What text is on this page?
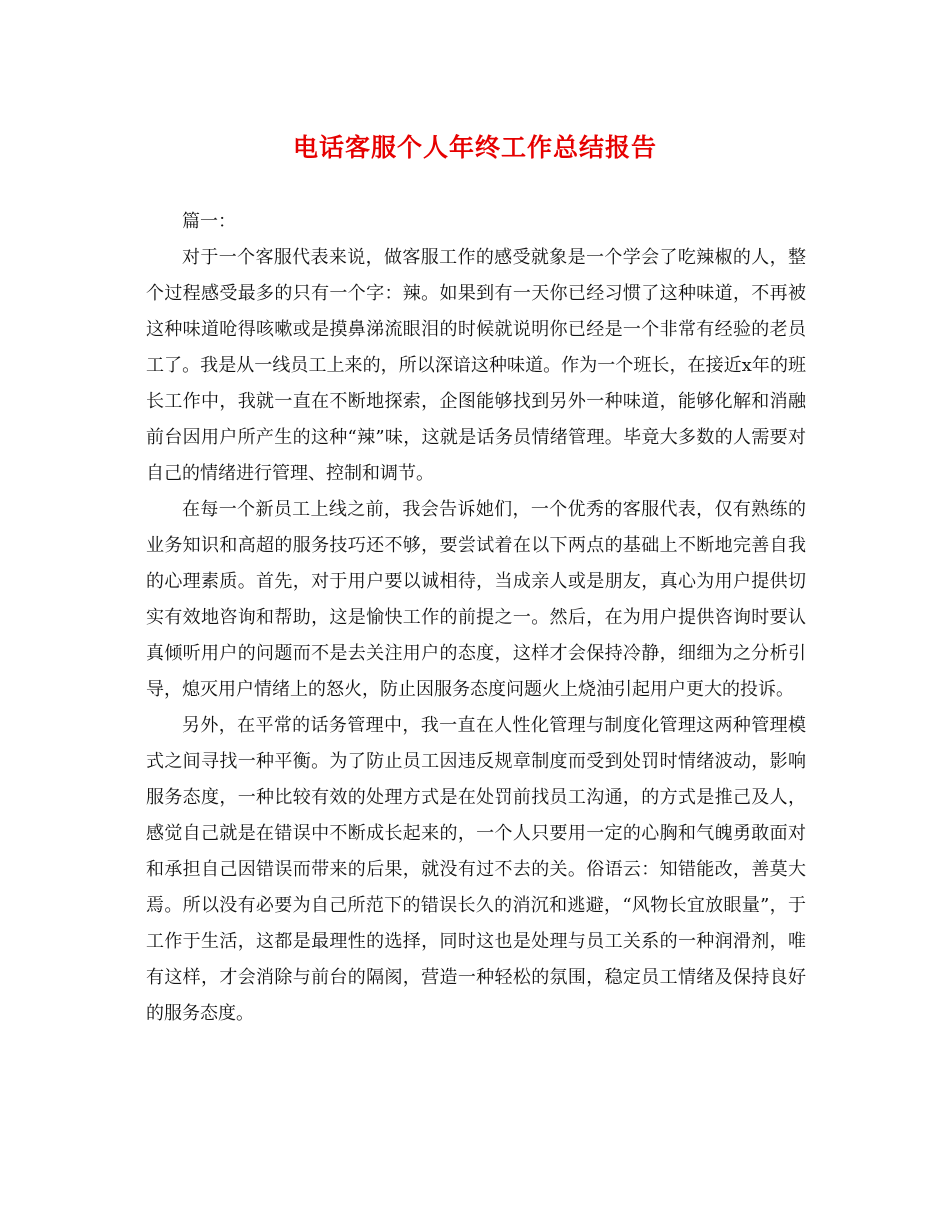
电话客服个人年终工作总结报告

篇一：

对于一个客服代表来说，做客服工作的感受就象是一个学会了吃辣椒的人，整个过程感受最多的只有一个字：辣。如果到有一天你已经习惯了这种味道，不再被这种味道呛得咳嗽或是摸鼻涕流眼泪的时候就说明你已经是一个非常有经验的老员工了。我是从一线员工上来的，所以深谙这种味道。作为一个班长，在接近x年的班长工作中，我就一直在不断地探索，企图能够找到另外一种味道，能够化解和消融前台因用户所产生的这种“辣”味，这就是话务员情绪管理。毕竟大多数的人需要对自己的情绪进行管理、控制和调节。

在每一个新员工上线之前，我会告诉她们，一个优秀的客服代表，仅有熟练的业务知识和高超的服务技巧还不够，要尝试着在以下两点的基础上不断地完善自我的心理素质。首先，对于用户要以诚相待，当成亲人或是朋友，真心为用户提供切实有效地咨询和帮助，这是愉快工作的前提之一。然后，在为用户提供咨询时要认真倾听用户的问题而不是去关注用户的态度，这样才会保持冷静，细细为之分析引导，熄灭用户情绪上的怒火，防止因服务态度问题火上烧油引起用户更大的投诉。

另外，在平常的话务管理中，我一直在人性化管理与制度化管理这两种管理模式之间寻找一种平衡。为了防止员工因违反规章制度而受到处罚时情绪波动，影响服务态度，一种比较有效的处理方式是在处罚前找员工沟通，的方式是推己及人，感觉自己就是在错误中不断成长起来的，一个人只要用一定的心胸和气魄勇敢面对和承担自己因错误而带来的后果，就没有过不去的关。俗语云：知错能改，善莫大焉。所以没有必要为自己所范下的错误长久的消沉和逃避，“风物长宜放眼量”，于工作于生活，这都是最理性的选择，同时这也是处理与员工关系的一种润滑剂，唯有这样，才会消除与前台的隔阂，营造一种轻松的氛围，稳定员工情绪及保持良好的服务态度。
